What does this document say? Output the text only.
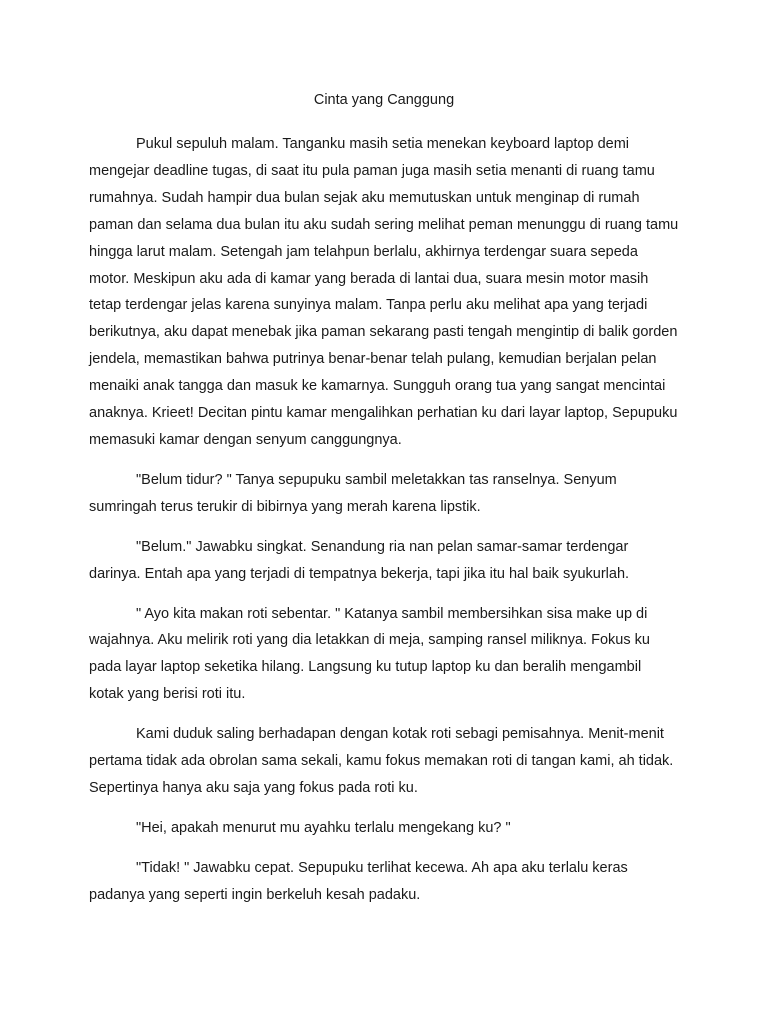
Cinta yang Canggung

Pukul sepuluh malam. Tanganku masih setia menekan keyboard laptop demi mengejar deadline tugas, di saat itu pula paman juga masih setia menanti di ruang tamu rumahnya. Sudah hampir dua bulan sejak aku memutuskan untuk menginap di rumah paman dan selama dua bulan itu aku sudah sering melihat peman menunggu di ruang tamu hingga larut malam. Setengah jam telahpun berlalu, akhirnya terdengar suara sepeda motor. Meskipun aku ada di kamar yang berada di lantai dua, suara mesin motor masih tetap terdengar jelas karena sunyinya malam. Tanpa perlu aku melihat apa yang terjadi berikutnya, aku dapat menebak jika paman sekarang pasti tengah mengintip di balik gorden jendela, memastikan bahwa putrinya benar-benar telah pulang, kemudian berjalan pelan menaiki anak tangga dan masuk ke kamarnya. Sungguh orang tua yang sangat mencintai anaknya. Krieet! Decitan pintu kamar mengalihkan perhatian ku dari layar laptop, Sepupuku memasuki kamar dengan senyum canggungnya.

"Belum tidur? " Tanya sepupuku sambil meletakkan tas ranselnya. Senyum sumringah terus terukir di bibirnya yang merah karena lipstik.

"Belum." Jawabku singkat. Senandung ria nan pelan samar-samar terdengar darinya. Entah apa yang terjadi di tempatnya bekerja, tapi jika itu hal baik syukurlah.

" Ayo kita makan roti sebentar. " Katanya sambil membersihkan sisa make up di wajahnya. Aku melirik roti yang dia letakkan di meja, samping ransel miliknya. Fokus ku pada layar laptop seketika hilang. Langsung ku tutup laptop ku dan beralih mengambil kotak yang berisi roti itu.

Kami duduk saling berhadapan dengan kotak roti sebagi pemisahnya. Menit-menit pertama tidak ada obrolan sama sekali, kamu fokus memakan roti di tangan kami, ah tidak. Sepertinya hanya aku saja yang fokus pada roti ku.

"Hei, apakah menurut mu ayahku terlalu mengekang ku? "

"Tidak! " Jawabku cepat. Sepupuku terlihat kecewa. Ah apa aku terlalu keras padanya yang seperti ingin berkeluh kesah padaku.
